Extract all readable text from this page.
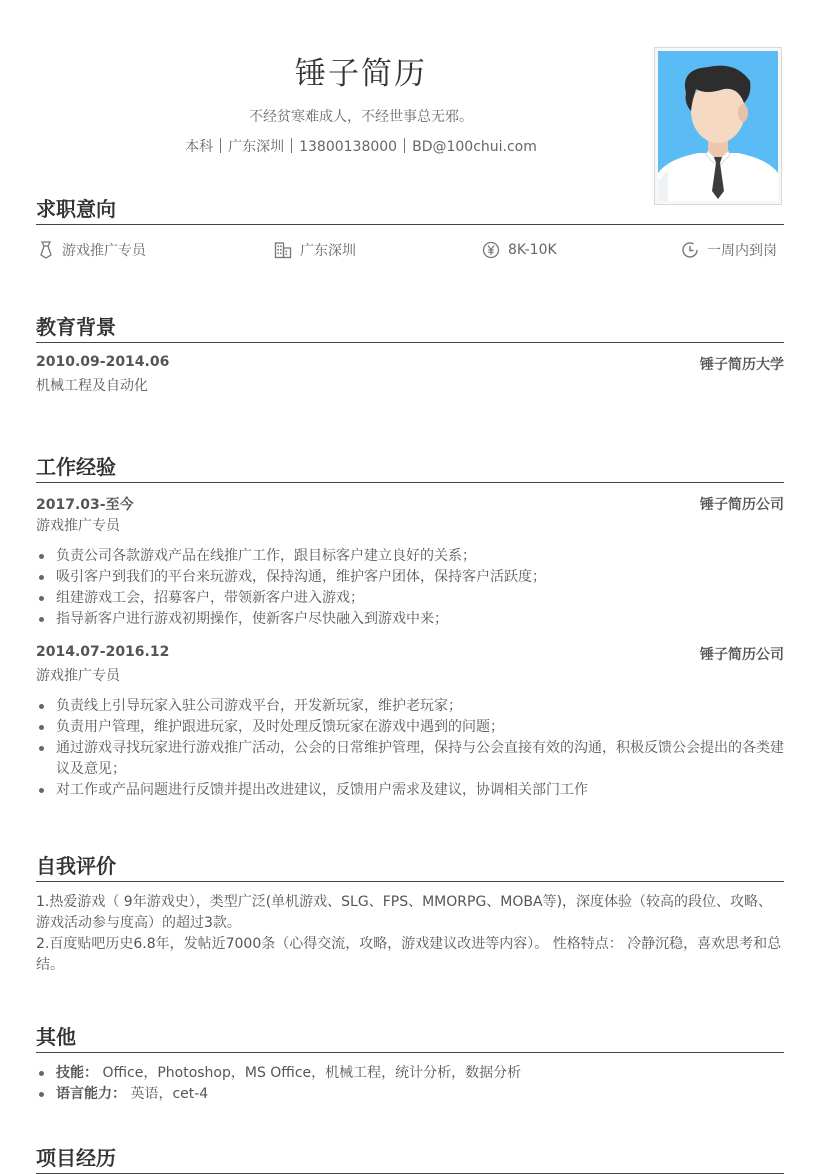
锤子简历
不经贫寒难成人，不经世事总无邪。
本科 广东深圳 13800138000 BD@100chui.com
求职意向
游戏推广专员	广东深圳	8K-10K	一周内到岗
教育背景
2010.09-2014.06	锤子简历大学
机械工程及自动化
工作经验
2017.03-至今	锤子简历公司
游戏推广专员
负责公司各款游戏产品在线推广工作，跟目标客户建立良好的关系；
吸引客户到我们的平台来玩游戏，保持沟通，维护客户团体，保持客户活跃度；
组建游戏工会，招募客户，带领新客户进入游戏；
指导新客户进行游戏初期操作，使新客户尽快融入到游戏中来；
2014.07-2016.12	锤子简历公司
游戏推广专员
负责线上引导玩家入驻公司游戏平台，开发新玩家，维护老玩家；
负责用户管理，维护跟进玩家，及时处理反馈玩家在游戏中遇到的问题；
通过游戏寻找玩家进行游戏推广活动，公会的日常维护管理，保持与公会直接有效的沟通，积极反馈公会提出的各类建议及意见；
对工作或产品问题进行反馈并提出改进建议，反馈用户需求及建议，协调相关部门工作
自我评价
1.热爱游戏（ 9年游戏史），类型广泛(单机游戏、SLG、FPS、MMORPG、MOBA等)，深度体验（较高的段位、攻略、游戏活动参与度高）的超过3款。
2.百度贴吧历史6.8年，发帖近7000条（心得交流，攻略，游戏建议改进等内容）。 性格特点： 冷静沉稳，喜欢思考和总结。
其他
技能： Office，Photoshop，MS Office，机械工程，统计分析，数据分析
语言能力： 英语，cet-4
项目经历
